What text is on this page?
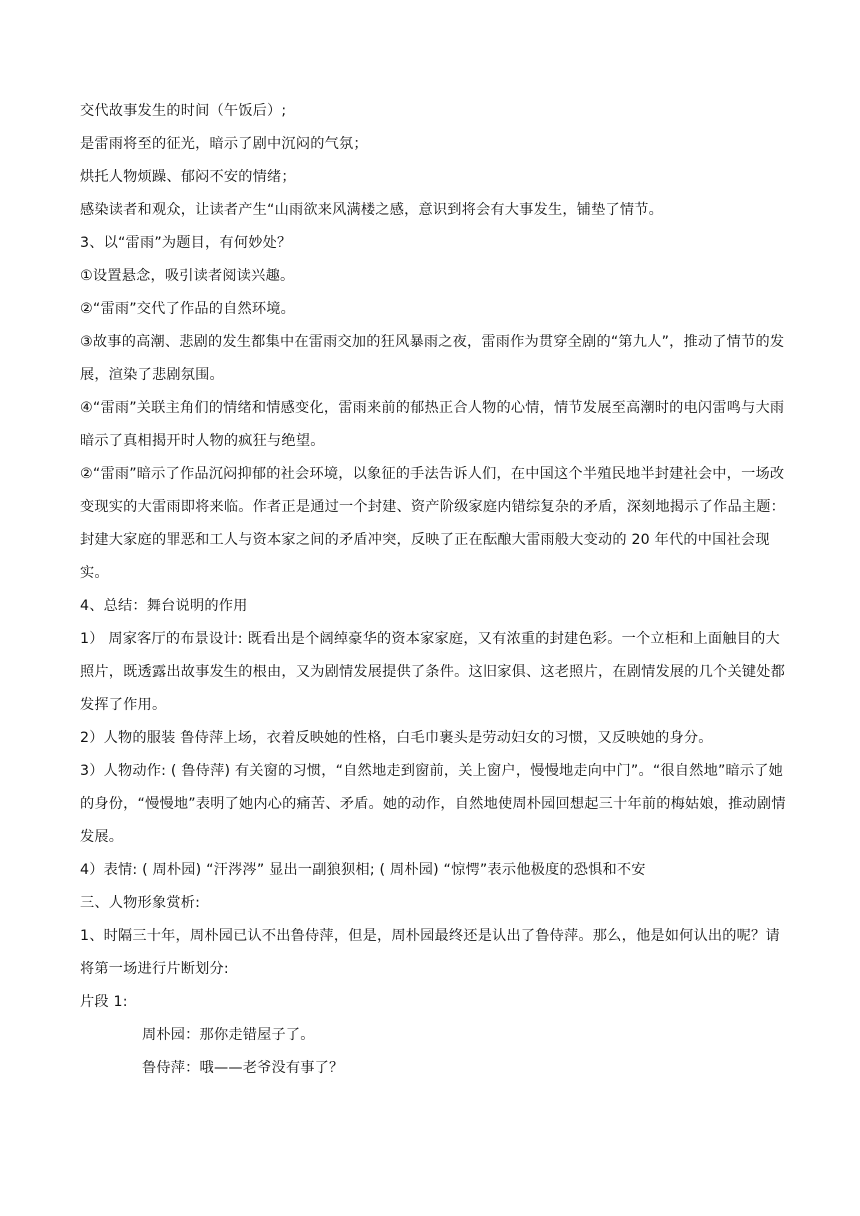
交代故事发生的时间（午饭后）;

是雷雨将至的征光，暗示了剧中沉闷的气氛；

烘托人物烦躁、郁闷不安的情绪；

感染读者和观众，让读者产生“山雨欲来风满楼之感，意识到将会有大事发生，铺垫了情节。

3、以“雷雨”为题目，有何妙处？

①设置悬念，吸引读者阅读兴趣。

②“雷雨”交代了作品的自然环境。

③故事的高潮、悲剧的发生都集中在雷雨交加的狂风暴雨之夜，雷雨作为贯穿全剧的“第九人”，推动了情节的发展，渲染了悲剧氛围。

④“雷雨”关联主角们的情绪和情感变化，雷雨来前的郁热正合人物的心情，情节发展至高潮时的电闪雷鸣与大雨暗示了真相揭开时人物的疯狂与绝望。

②“雷雨”暗示了作品沉闷抑郁的社会环境，以象征的手法告诉人们，在中国这个半殖民地半封建社会中，一场改变现实的大雷雨即将来临。作者正是通过一个封建、资产阶级家庭内错综复杂的矛盾，深刻地揭示了作品主题：封建大家庭的罪恶和工人与资本家之间的矛盾冲突，反映了正在酝酿大雷雨般大变动的 20 年代的中国社会现实。

4、总结：舞台说明的作用

1） 周家客厅的布景设计: 既看出是个阔绰豪华的资本家家庭，又有浓重的封建色彩。一个立柜和上面触目的大照片，既透露出故事发生的根由，又为剧情发展提供了条件。这旧家俱、这老照片，在剧情发展的几个关键处都发挥了作用。

2）人物的服装 鲁侍萍上场，衣着反映她的性格，白毛巾裹头是劳动妇女的习惯，又反映她的身分。

3）人物动作: ( 鲁侍萍) 有关窗的习惯，“自然地走到窗前，关上窗户，慢慢地走向中门”。“很自然地”暗示了她的身份，“慢慢地”表明了她内心的痛苦、矛盾。她的动作，自然地使周朴园回想起三十年前的梅姑娘，推动剧情发展。

4）表情: ( 周朴园) “汗涔涔” 显出一副狼狈相; ( 周朴园) “惊愕”表示他极度的恐惧和不安

三、人物形象赏析:

1、时隔三十年，周朴园已认不出鲁侍萍，但是，周朴园最终还是认出了鲁侍萍。那么，他是如何认出的呢？请将第一场进行片断划分:

片段 1:

周朴园：那你走错屋子了。

鲁侍萍：哦——老爷没有事了？
